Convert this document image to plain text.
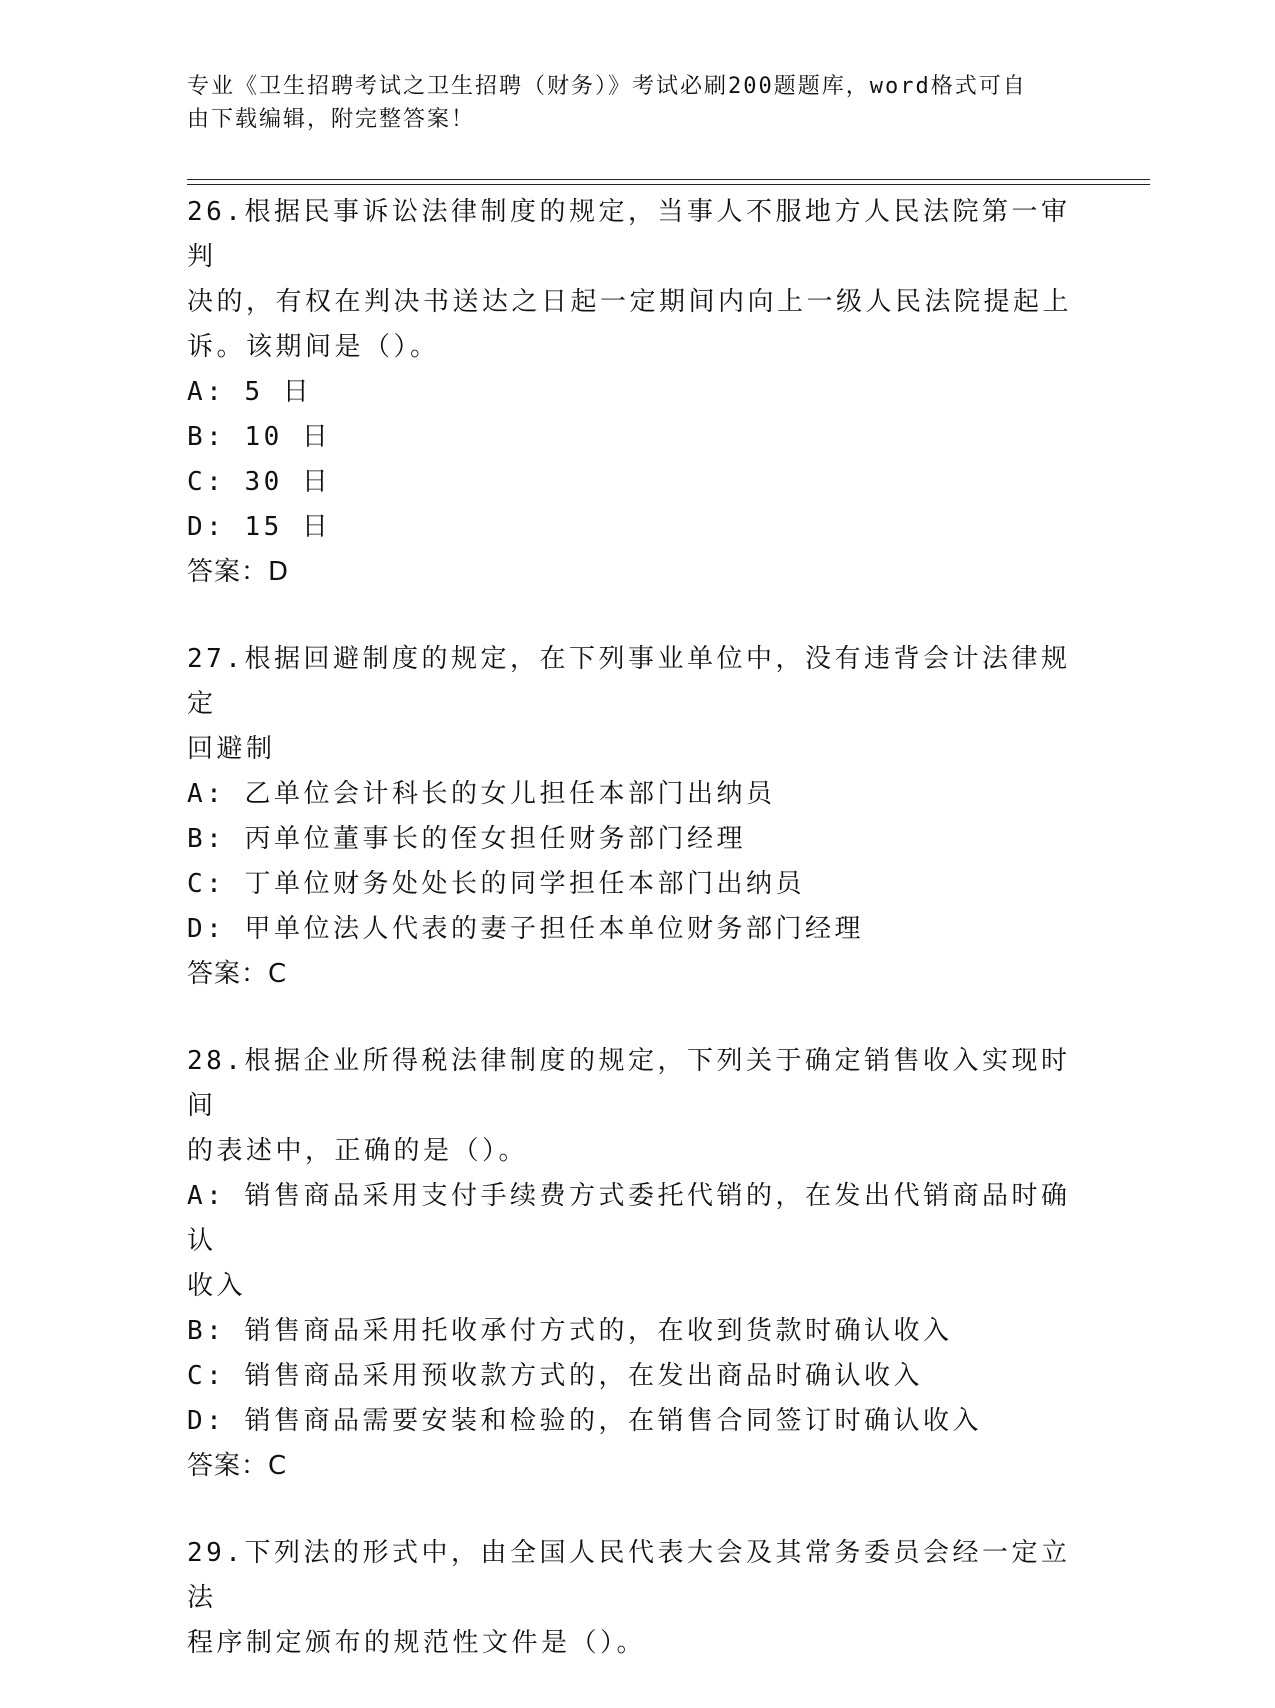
专业《卫生招聘考试之卫生招聘（财务）》考试必刷200题题库，word格式可自
由下载编辑，附完整答案！
26.根据民事诉讼法律制度的规定，当事人不服地方人民法院第一审判
决的，有权在判决书送达之日起一定期间内向上一级人民法院提起上
诉。该期间是（）。
A: 5 日
B: 10 日
C: 30 日
D: 15 日
答案：D
27.根据回避制度的规定，在下列事业单位中，没有违背会计法律规定
回避制
A: 乙单位会计科长的女儿担任本部门出纳员
B: 丙单位董事长的侄女担任财务部门经理
C: 丁单位财务处处长的同学担任本部门出纳员
D: 甲单位法人代表的妻子担任本单位财务部门经理
答案：C
28.根据企业所得税法律制度的规定，下列关于确定销售收入实现时间
的表述中，正确的是（）。
A: 销售商品采用支付手续费方式委托代销的，在发出代销商品时确认
收入
B: 销售商品采用托收承付方式的，在收到货款时确认收入
C: 销售商品采用预收款方式的，在发出商品时确认收入
D: 销售商品需要安装和检验的，在销售合同签订时确认收入
答案：C
29.下列法的形式中，由全国人民代表大会及其常务委员会经一定立法
程序制定颁布的规范性文件是（）。
